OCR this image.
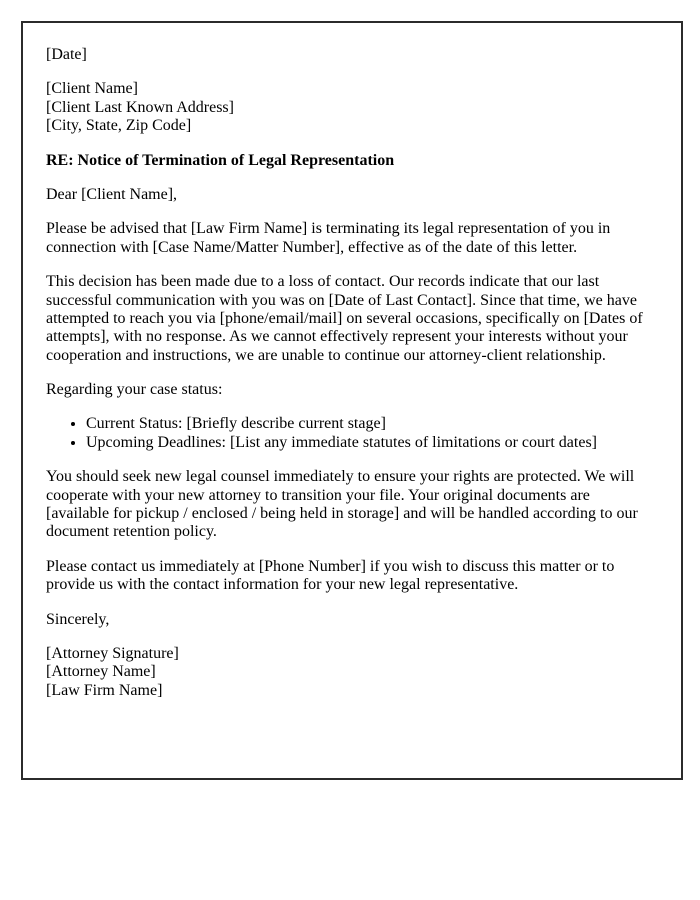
[Date]

[Client Name]
[Client Last Known Address]
[City, State, Zip Code]

RE: Notice of Termination of Legal Representation

Dear [Client Name],

Please be advised that [Law Firm Name] is terminating its legal representation of you in connection with [Case Name/Matter Number], effective as of the date of this letter.

This decision has been made due to a loss of contact. Our records indicate that our last successful communication with you was on [Date of Last Contact]. Since that time, we have attempted to reach you via [phone/email/mail] on several occasions, specifically on [Dates of attempts], with no response. As we cannot effectively represent your interests without your cooperation and instructions, we are unable to continue our attorney-client relationship.

Regarding your case status:

• Current Status: [Briefly describe current stage]
• Upcoming Deadlines: [List any immediate statutes of limitations or court dates]

You should seek new legal counsel immediately to ensure your rights are protected. We will cooperate with your new attorney to transition your file. Your original documents are [available for pickup / enclosed / being held in storage] and will be handled according to our document retention policy.

Please contact us immediately at [Phone Number] if you wish to discuss this matter or to provide us with the contact information for your new legal representative.

Sincerely,

[Attorney Signature]
[Attorney Name]
[Law Firm Name]
